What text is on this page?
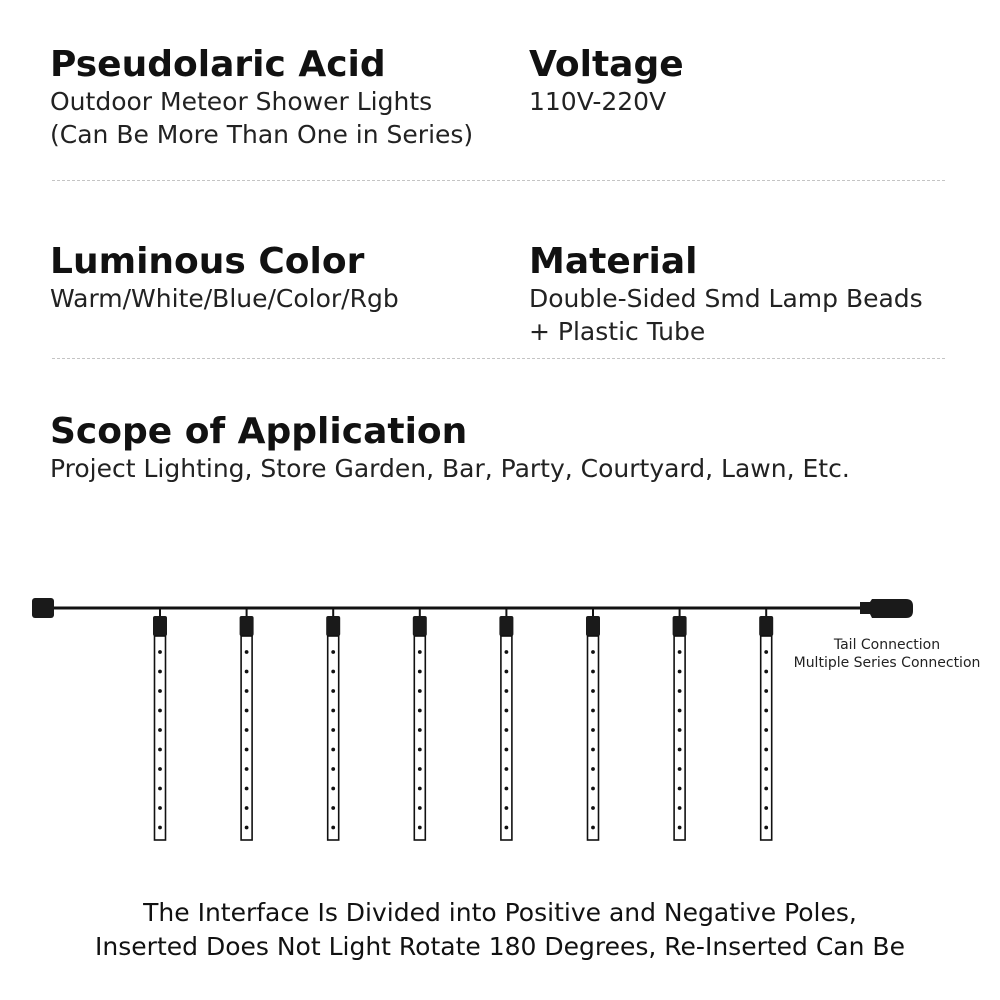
Pseudolaric Acid
Outdoor Meteor Shower Lights
(Can Be More Than One in Series)
Voltage
110V-220V
Luminous Color
Warm/White/Blue/Color/Rgb
Material
Double-Sided Smd Lamp Beads
+ Plastic Tube
Scope of Application
Project Lighting, Store Garden, Bar, Party, Courtyard, Lawn, Etc.
Tail Connection
Multiple Series Connection
The Interface Is Divided into Positive and Negative Poles,
Inserted Does Not Light Rotate 180 Degrees, Re-Inserted Can Be
